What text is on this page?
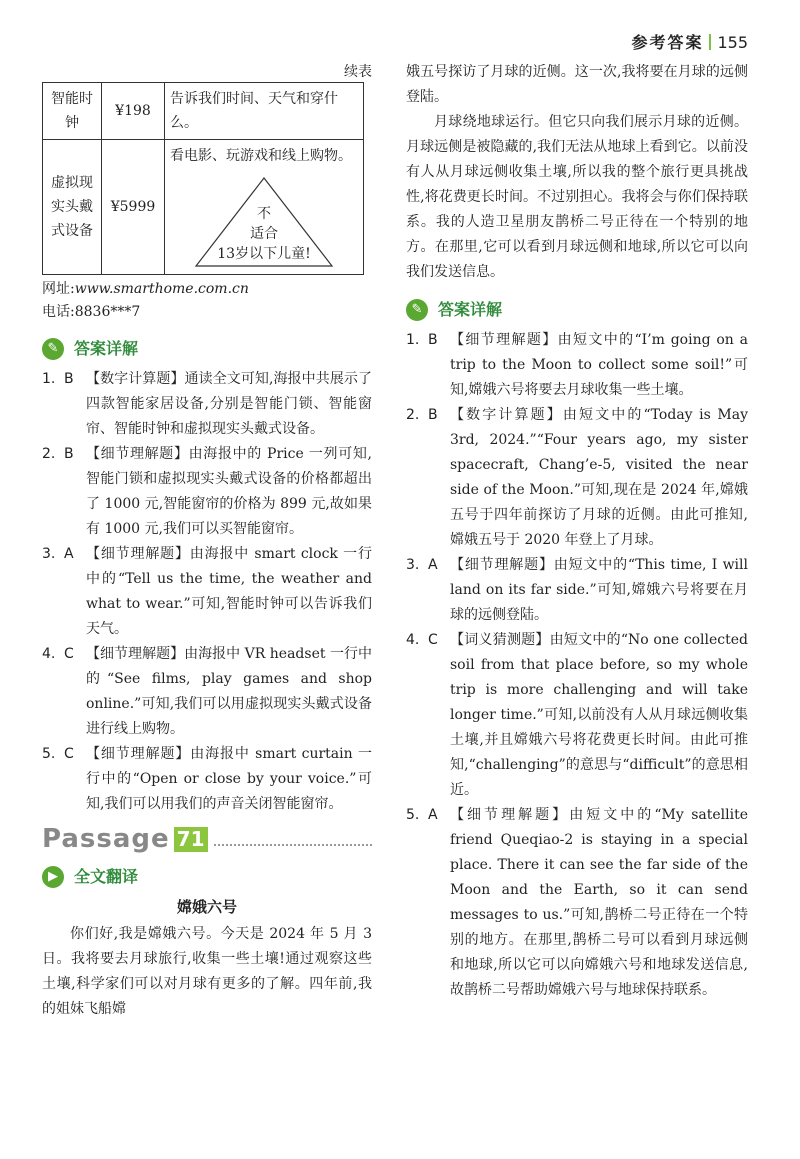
参考答案 155
续表
智能时钟	¥198	告诉我们时间、天气和穿什么。
虚拟现实头戴式设备	¥5999	看电影、玩游戏和线上购物。
不
适合
13岁以下儿童!
网址:www.smarthome.com.cn
电话:8836***7
✎ 答案详解
1. B 【数字计算题】通读全文可知,海报中共展示了四款智能家居设备,分别是智能门锁、智能窗帘、智能时钟和虚拟现实头戴式设备。
2. B 【细节理解题】由海报中的 Price 一列可知,智能门锁和虚拟现实头戴式设备的价格都超出了 1000 元,智能窗帘的价格为 899 元,故如果有 1000 元,我们可以买智能窗帘。
3. A 【细节理解题】由海报中 smart clock 一行中的“Tell us the time, the weather and what to wear.”可知,智能时钟可以告诉我们天气。
4. C 【细节理解题】由海报中 VR headset 一行中的“See films, play games and shop online.”可知,我们可以用虚拟现实头戴式设备进行线上购物。
5. C 【细节理解题】由海报中 smart curtain 一行中的“Open or close by your voice.”可知,我们可以用我们的声音关闭智能窗帘。
Passage 71
▶	全文翻译
嫦娥六号

你们好,我是嫦娥六号。今天是 2024 年 5 月 3 日。我将要去月球旅行,收集一些土壤!通过观察这些土壤,科学家们可以对月球有更多的了解。四年前,我的姐妹飞船嫦

娥五号探访了月球的近侧。这一次,我将要在月球的远侧登陆。

月球绕地球运行。但它只向我们展示月球的近侧。月球远侧是被隐藏的,我们无法从地球上看到它。以前没有人从月球远侧收集土壤,所以我的整个旅行更具挑战性,将花费更长时间。不过别担心。我将会与你们保持联系。我的人造卫星朋友鹊桥二号正待在一个特别的地方。在那里,它可以看到月球远侧和地球,所以它可以向我们发送信息。

✎ 答案详解
1. B 【细节理解题】由短文中的“I’m going on a trip to the Moon to collect some soil!”可知,嫦娥六号将要去月球收集一些土壤。
2. B 【数字计算题】由短文中的“Today is May 3rd, 2024.”“Four years ago, my sister spacecraft, Chang’e-5, visited the near side of the Moon.”可知,现在是 2024 年,嫦娥五号于四年前探访了月球的近侧。由此可推知,嫦娥五号于 2020 年登上了月球。
3. A 【细节理解题】由短文中的“This time, I will land on its far side.”可知,嫦娥六号将要在月球的远侧登陆。
4. C 【词义猜测题】由短文中的“No one collected soil from that place before, so my whole trip is more challenging and will take longer time.”可知,以前没有人从月球远侧收集土壤,并且嫦娥六号将花费更长时间。由此可推知,“challenging”的意思与“difficult”的意思相近。
5. A 【细节理解题】由短文中的“My satellite friend Queqiao-2 is staying in a special place. There it can see the far side of the Moon and the Earth, so it can send messages to us.”可知,鹊桥二号正待在一个特别的地方。在那里,鹊桥二号可以看到月球远侧和地球,所以它可以向嫦娥六号和地球发送信息,故鹊桥二号帮助嫦娥六号与地球保持联系。
